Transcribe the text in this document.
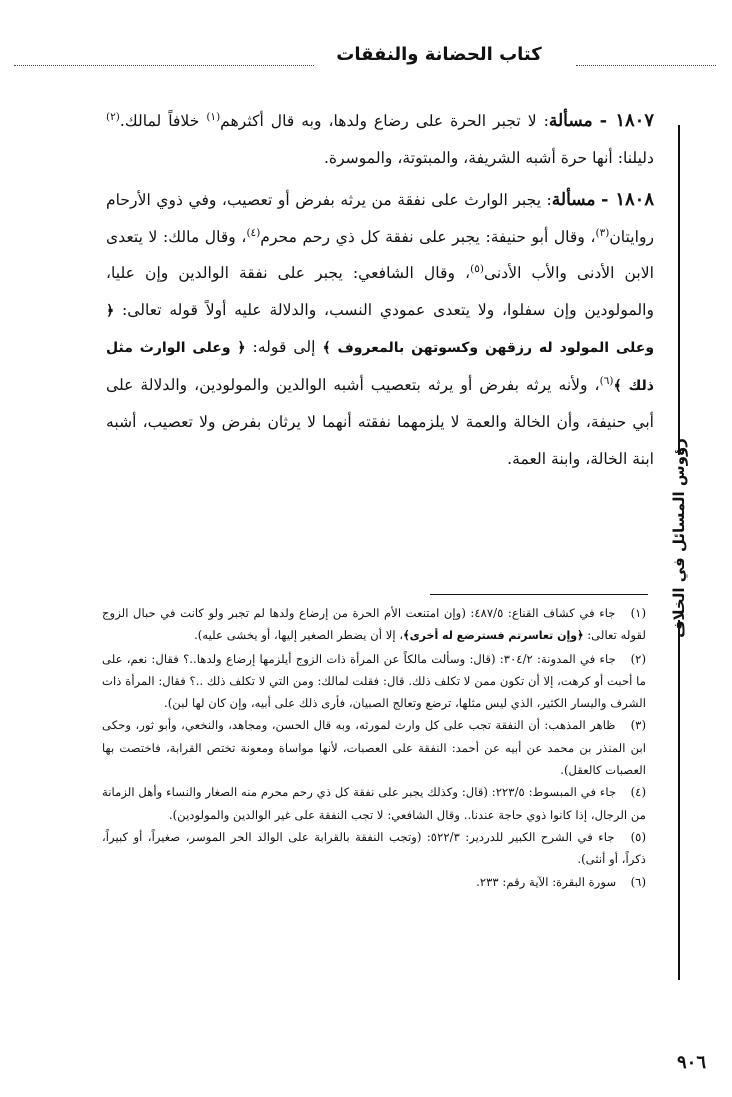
كتاب الحضانة والنفقات
رؤوس المسائل في الخلاف

١٨٠٧ - مسألة: لا تجبر الحرة على رضاع ولدها، وبه قال أكثرهم$^{(١)}$ خلافاً لمالك.$^{(٢)}$ دليلنا: أنها حرة أشبه الشريفة، والمبتوتة، والموسرة.

١٨٠٨ - مسألة: يجبر الوارث على نفقة من يرثه بفرض أو تعصيب، وفي ذوي الأرحام روايتان$^{(٣)}$، وقال أبو حنيفة: يجبر على نفقة كل ذي رحم محرم$^{(٤)}$، وقال مالك: لا يتعدى الابن الأدنى والأب الأدنى$^{(٥)}$، وقال الشافعي: يجبر على نفقة الوالدين وإن عليا، والمولودين وإن سفلوا، ولا يتعدى عمودي النسب، والدلالة عليه أولاً قوله تعالى: ﴿ وعلى المولود له رزقهن وكسوتهن بالمعروف ﴾ إلى قوله: ﴿ وعلى الوارث مثل ذلك ﴾$^{(٦)}$، ولأنه يرثه بفرض أو يرثه بتعصيب أشبه الوالدين والمولودين، والدلالة على أبي حنيفة، وأن الخالة والعمة لا يلزمهما نفقته أنهما لا يرثان بفرض ولا تعصيب، أشبه ابنة الخالة، وابنة العمة.

(١) جاء في كشاف القناع: ٤٨٧/٥: (وإن امتنعت الأم الحرة من إرضاع ولدها لم تجبر ولو كانت في حبال الزوج لقوله تعالى: ﴿وإن تعاسرتم فسترضع له أخرى﴾، إلا أن يضطر الصغير إليها، أو يخشى عليه).

(٢) جاء في المدونة: ٣٠٤/٢: (قال: وسألت مالكاً عن المرأة ذات الزوج أيلزمها إرضاع ولدها..؟ فقال: نعم، على ما أحبت أو كرهت، إلا أن تكون ممن لا تكلف ذلك. قال: فقلت لمالك: ومن التي لا تكلف ذلك ..؟ فقال: المرأة ذات الشرف واليسار الكثير، الذي ليس مثلها، ترضع وتعالج الصبيان، فأرى ذلك على أبيه، وإن كان لها لبن).

(٣) ظاهر المذهب: أن النفقة تجب على كل وارث لمورثه، وبه قال الحسن، ومجاهد، والنخعي، وأبو ثور، وحكى ابن المنذر بن محمد عن أبيه عن أحمد: النفقة على العصبات، لأنها مواساة ومعونة تختص القرابة، فاختصت بها العصبات كالعقل).

(٤) جاء في المبسوط: ٢٢٣/٥: (قال: وكذلك يجبر على نفقة كل ذي رحم محرم منه الصغار والنساء وأهل الزمانة من الرجال، إذا كانوا ذوي حاجة عندنا.. وقال الشافعي: لا تجب النفقة على غير الوالدين والمولودين).

(٥) جاء في الشرح الكبير للدردير: ٥٢٢/٣: (وتجب النفقة بالقرابة على الوالد الحر الموسر، صغيراً، أو كبيراً، ذكراً، أو أنثى).

(٦) سورة البقرة: الآية رقم: ٢٣٣.

٩٠٦
